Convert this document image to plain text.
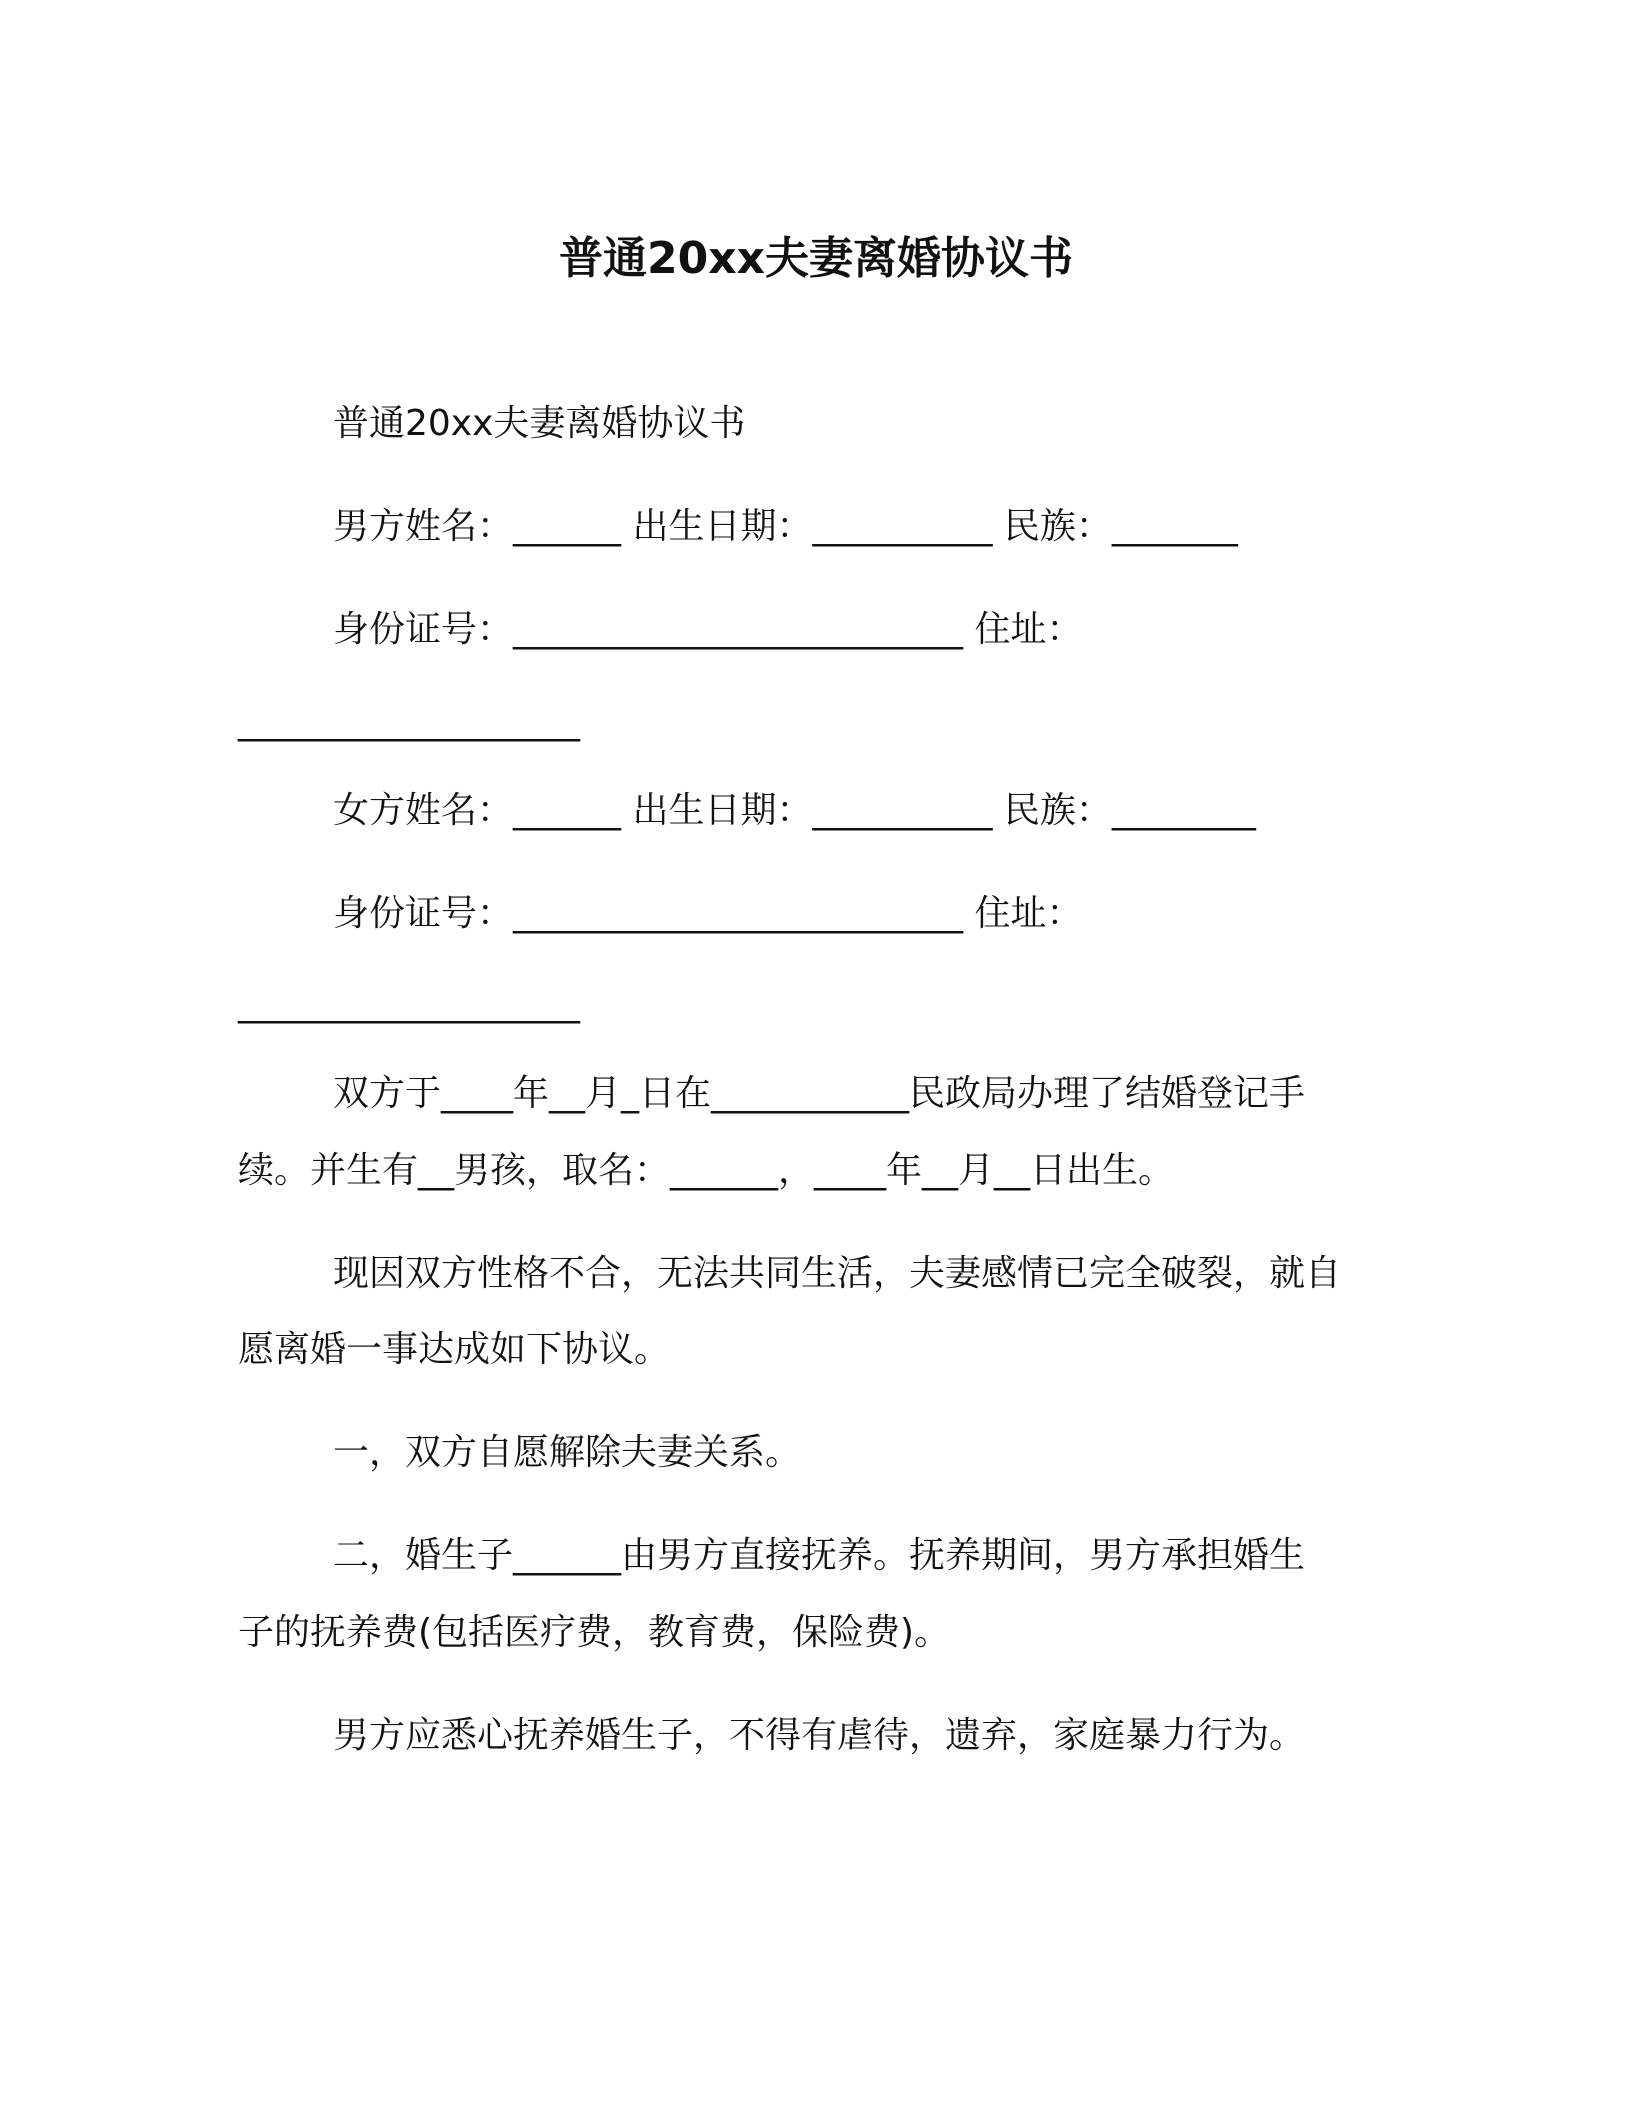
普通20xx夫妻离婚协议书
普通20xx夫妻离婚协议书
男方姓名：______ 出生日期：__________ 民族：_______
身份证号：_________________________ 住址：
___________________
女方姓名：______ 出生日期：__________ 民族：________
身份证号：_________________________ 住址：
___________________
双方于____年__月_日在___________民政局办理了结婚登记手
续。并生有__男孩，取名：______，____年__月__日出生。
现因双方性格不合，无法共同生活，夫妻感情已完全破裂，就自
愿离婚一事达成如下协议。
一，双方自愿解除夫妻关系。
二，婚生子______由男方直接抚养。抚养期间，男方承担婚生
子的抚养费(包括医疗费，教育费，保险费)。
男方应悉心抚养婚生子，不得有虐待，遗弃，家庭暴力行为。
